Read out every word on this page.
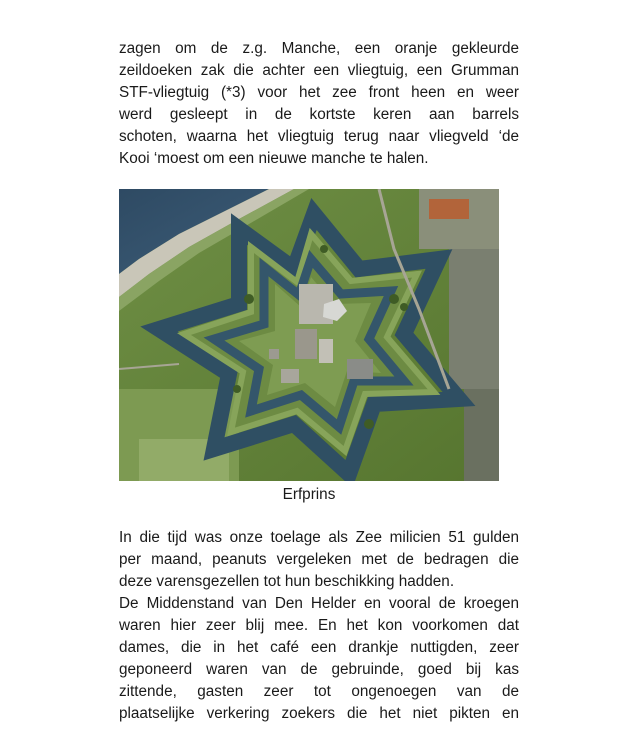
zagen om de z.g. Manche, een oranje gekleurde
zeildoeken zak die achter een vliegtuig, een Grumman
STF-vliegtuig (*3) voor het zee front heen en weer
werd gesleept in de kortste keren aan barrels
schoten, waarna het vliegtuig terug naar vliegveld ‘de
Kooi ‘moest om een nieuwe manche te halen.

Erfprins

In die tijd was onze toelage als Zee milicien 51 gulden
per maand, peanuts vergeleken met de bedragen die
deze varensgezellen tot hun beschikking hadden.

De Middenstand van Den Helder en vooral de kroegen
waren hier zeer blij mee. En het kon voorkomen dat
dames, die in het café een drankje nuttigden, zeer
geponeerd waren van de gebruinde, goed bij kas
zittende, gasten zeer tot ongenoegen van de
plaatselijke verkering zoekers die het niet pikten en
